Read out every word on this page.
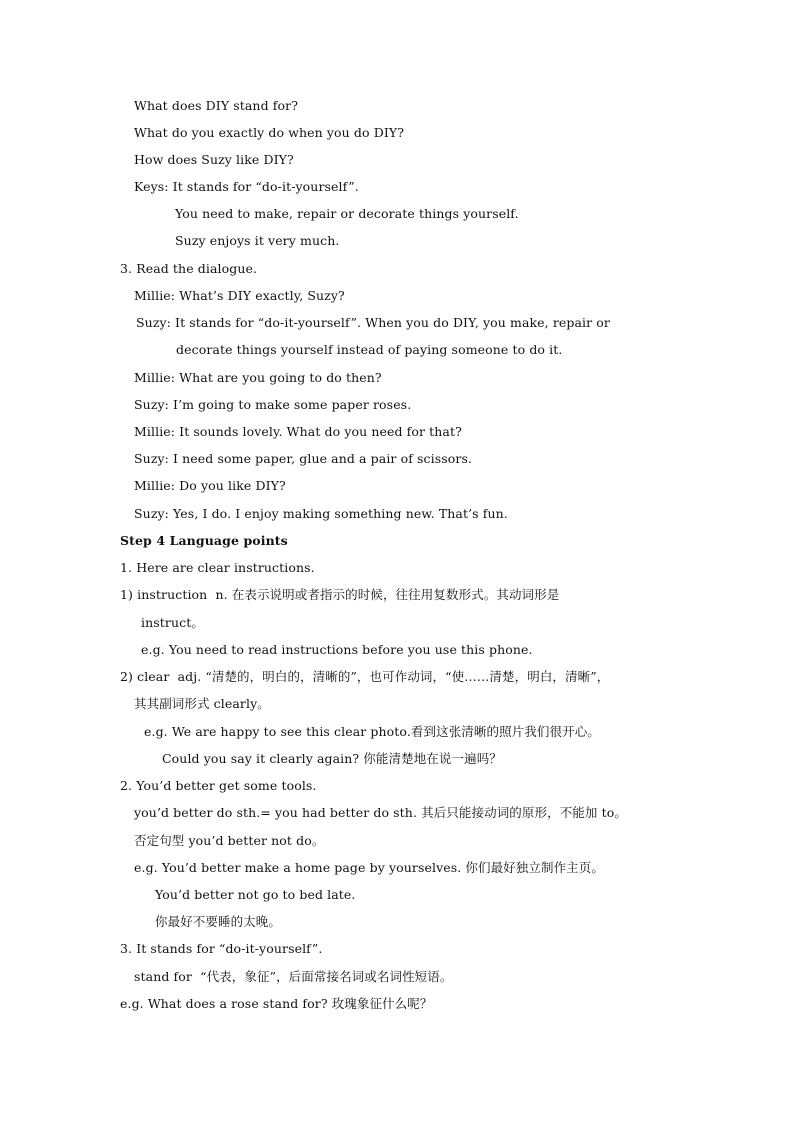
What does DIY stand for?
What do you exactly do when you do DIY?
How does Suzy like DIY?
Keys: It stands for “do-it-yourself”.
You need to make, repair or decorate things yourself.
Suzy enjoys it very much.
3. Read the dialogue.
Millie: What’s DIY exactly, Suzy?
Suzy: It stands for “do-it-yourself”. When you do DIY, you make, repair or
decorate things yourself instead of paying someone to do it.
Millie: What are you going to do then?
Suzy: I’m going to make some paper roses.
Millie: It sounds lovely. What do you need for that?
Suzy: I need some paper, glue and a pair of scissors.
Millie: Do you like DIY?
Suzy: Yes, I do. I enjoy making something new. That’s fun.
Step 4 Language points
1. Here are clear instructions.
1) instruction  n. 在表示说明或者指示的时候，往往用复数形式。其动词形是
instruct。
e.g. You need to read instructions before you use this phone.
2) clear  adj. “清楚的，明白的，清晰的”，也可作动词，“使……清楚，明白，清晰”，
其其副词形式 clearly。
e.g. We are happy to see this clear photo.看到这张清晰的照片我们很开心。
Could you say it clearly again? 你能清楚地在说一遍吗？
2. You’d better get some tools.
you’d better do sth.= you had better do sth. 其后只能接动词的原形，不能加 to。
否定句型 you’d better not do。
e.g. You’d better make a home page by yourselves. 你们最好独立制作主页。
You’d better not go to bed late.
你最好不要睡的太晚。
3. It stands for “do-it-yourself”.
stand for  “代表，象征”，后面常接名词或名词性短语。
e.g. What does a rose stand for? 玫瑰象征什么呢？
